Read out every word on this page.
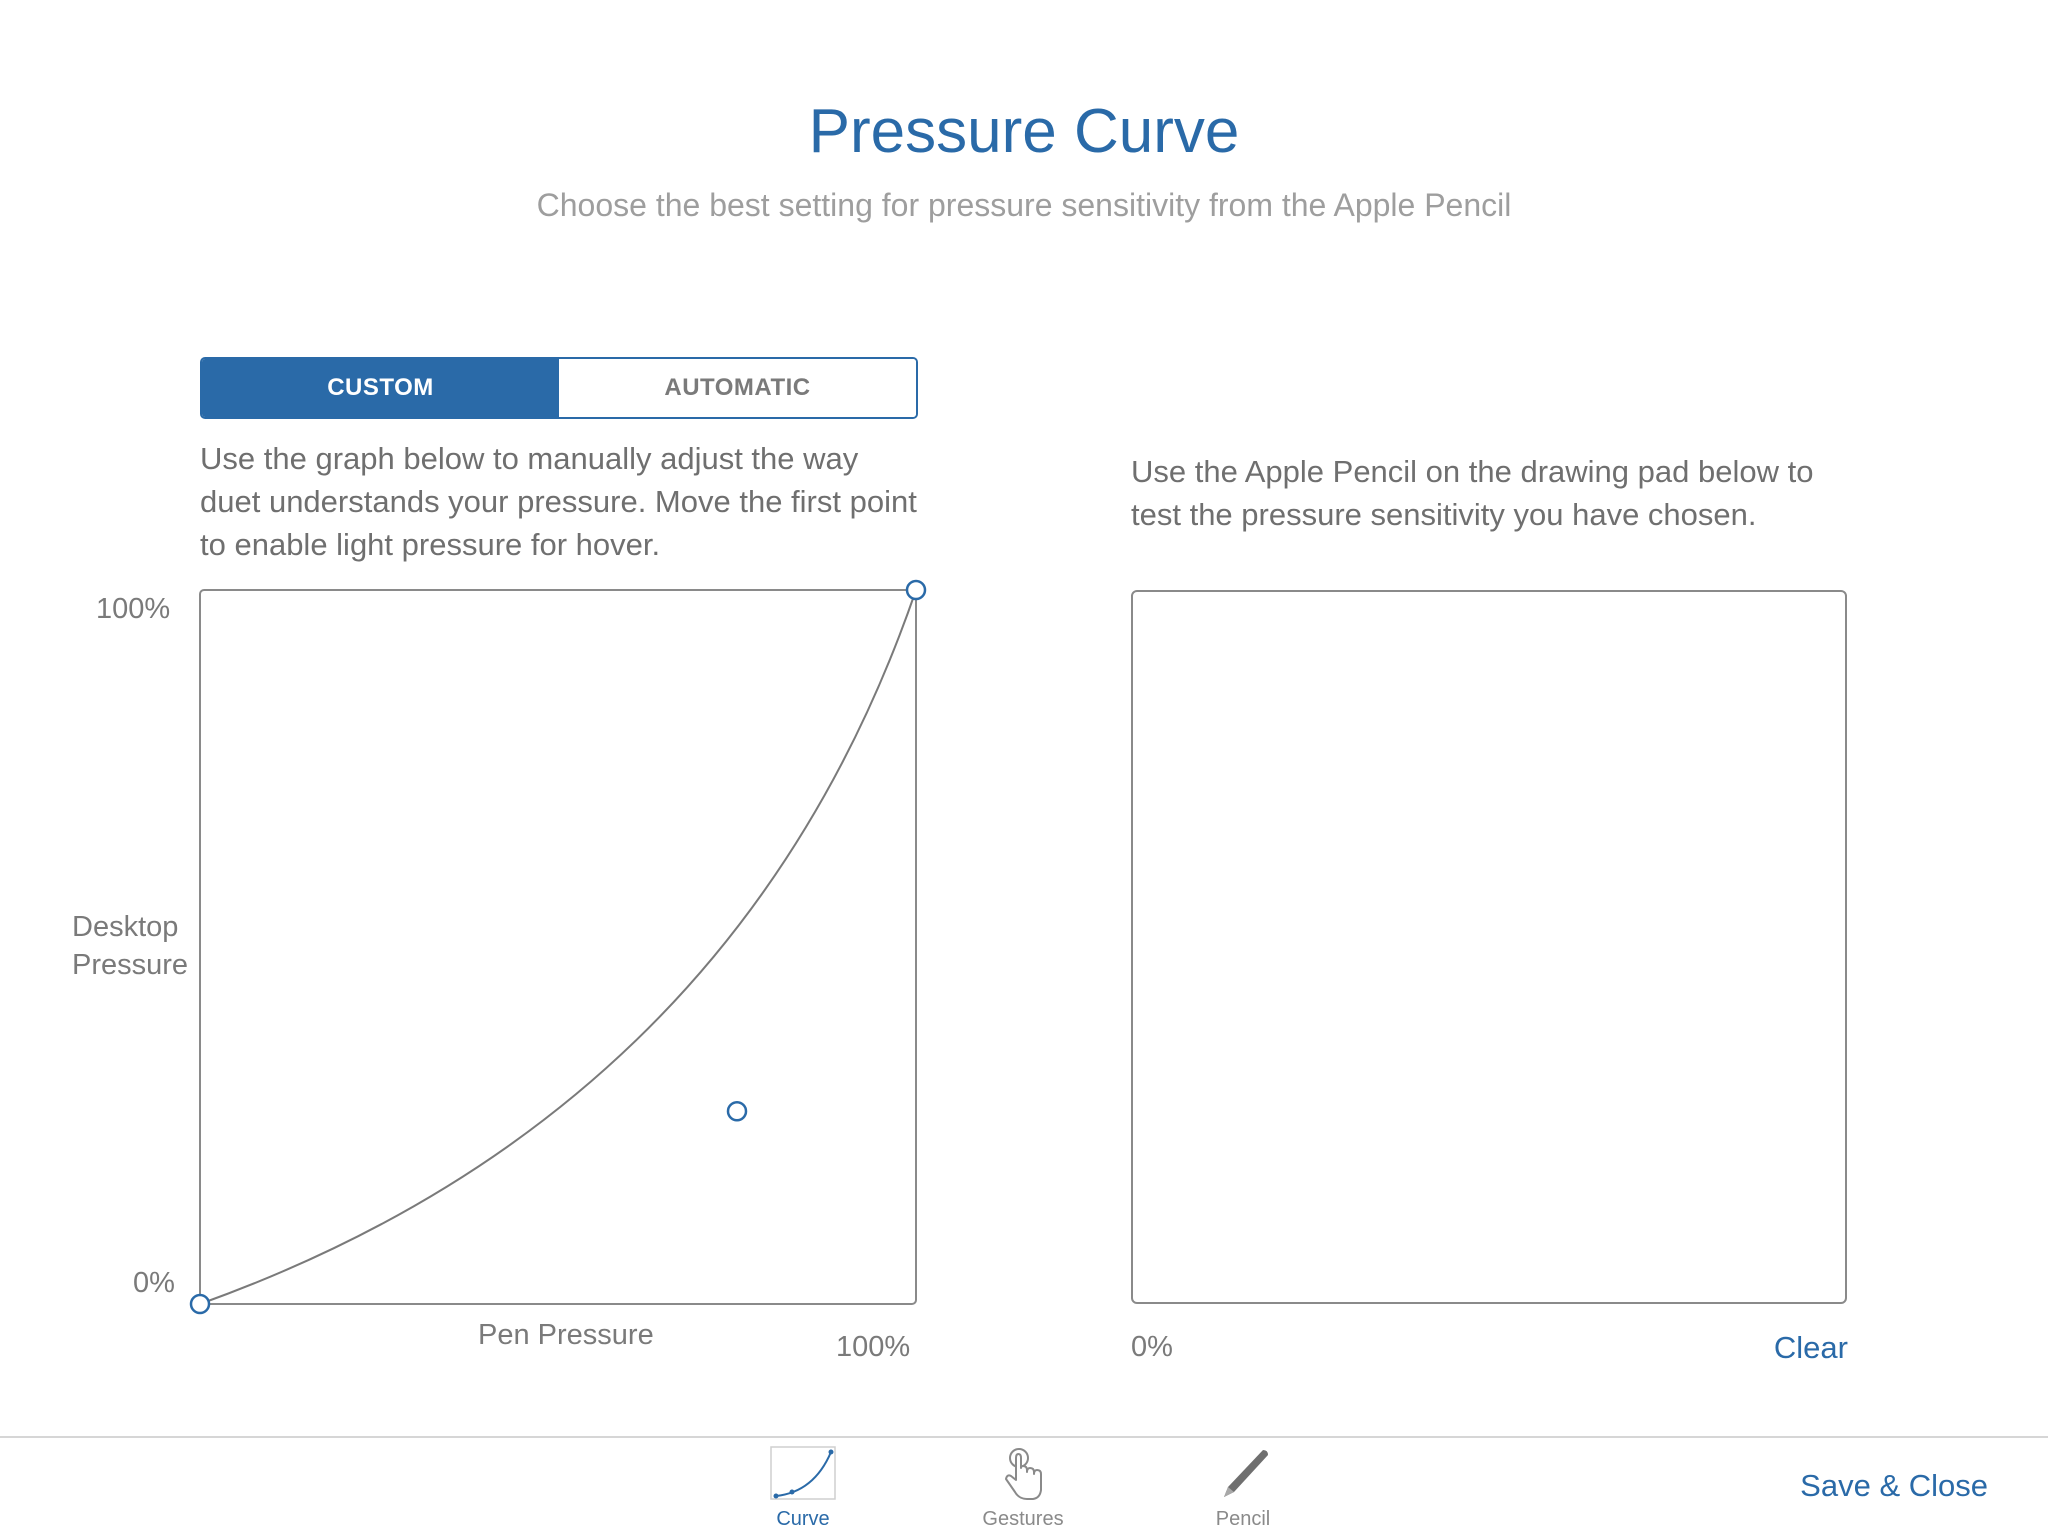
Pressure Curve
Choose the best setting for pressure sensitivity from the Apple Pencil
CUSTOM	AUTOMATIC
Use the graph below to manually adjust the way duet understands your pressure. Move the first point to enable light pressure for hover.
Use the Apple Pencil on the drawing pad below to test the pressure sensitivity you have chosen.
100%
0%
Desktop
Pressure
Pen Pressure	100%	0%	Clear
Curve	Gestures	Pencil
Save & Close
